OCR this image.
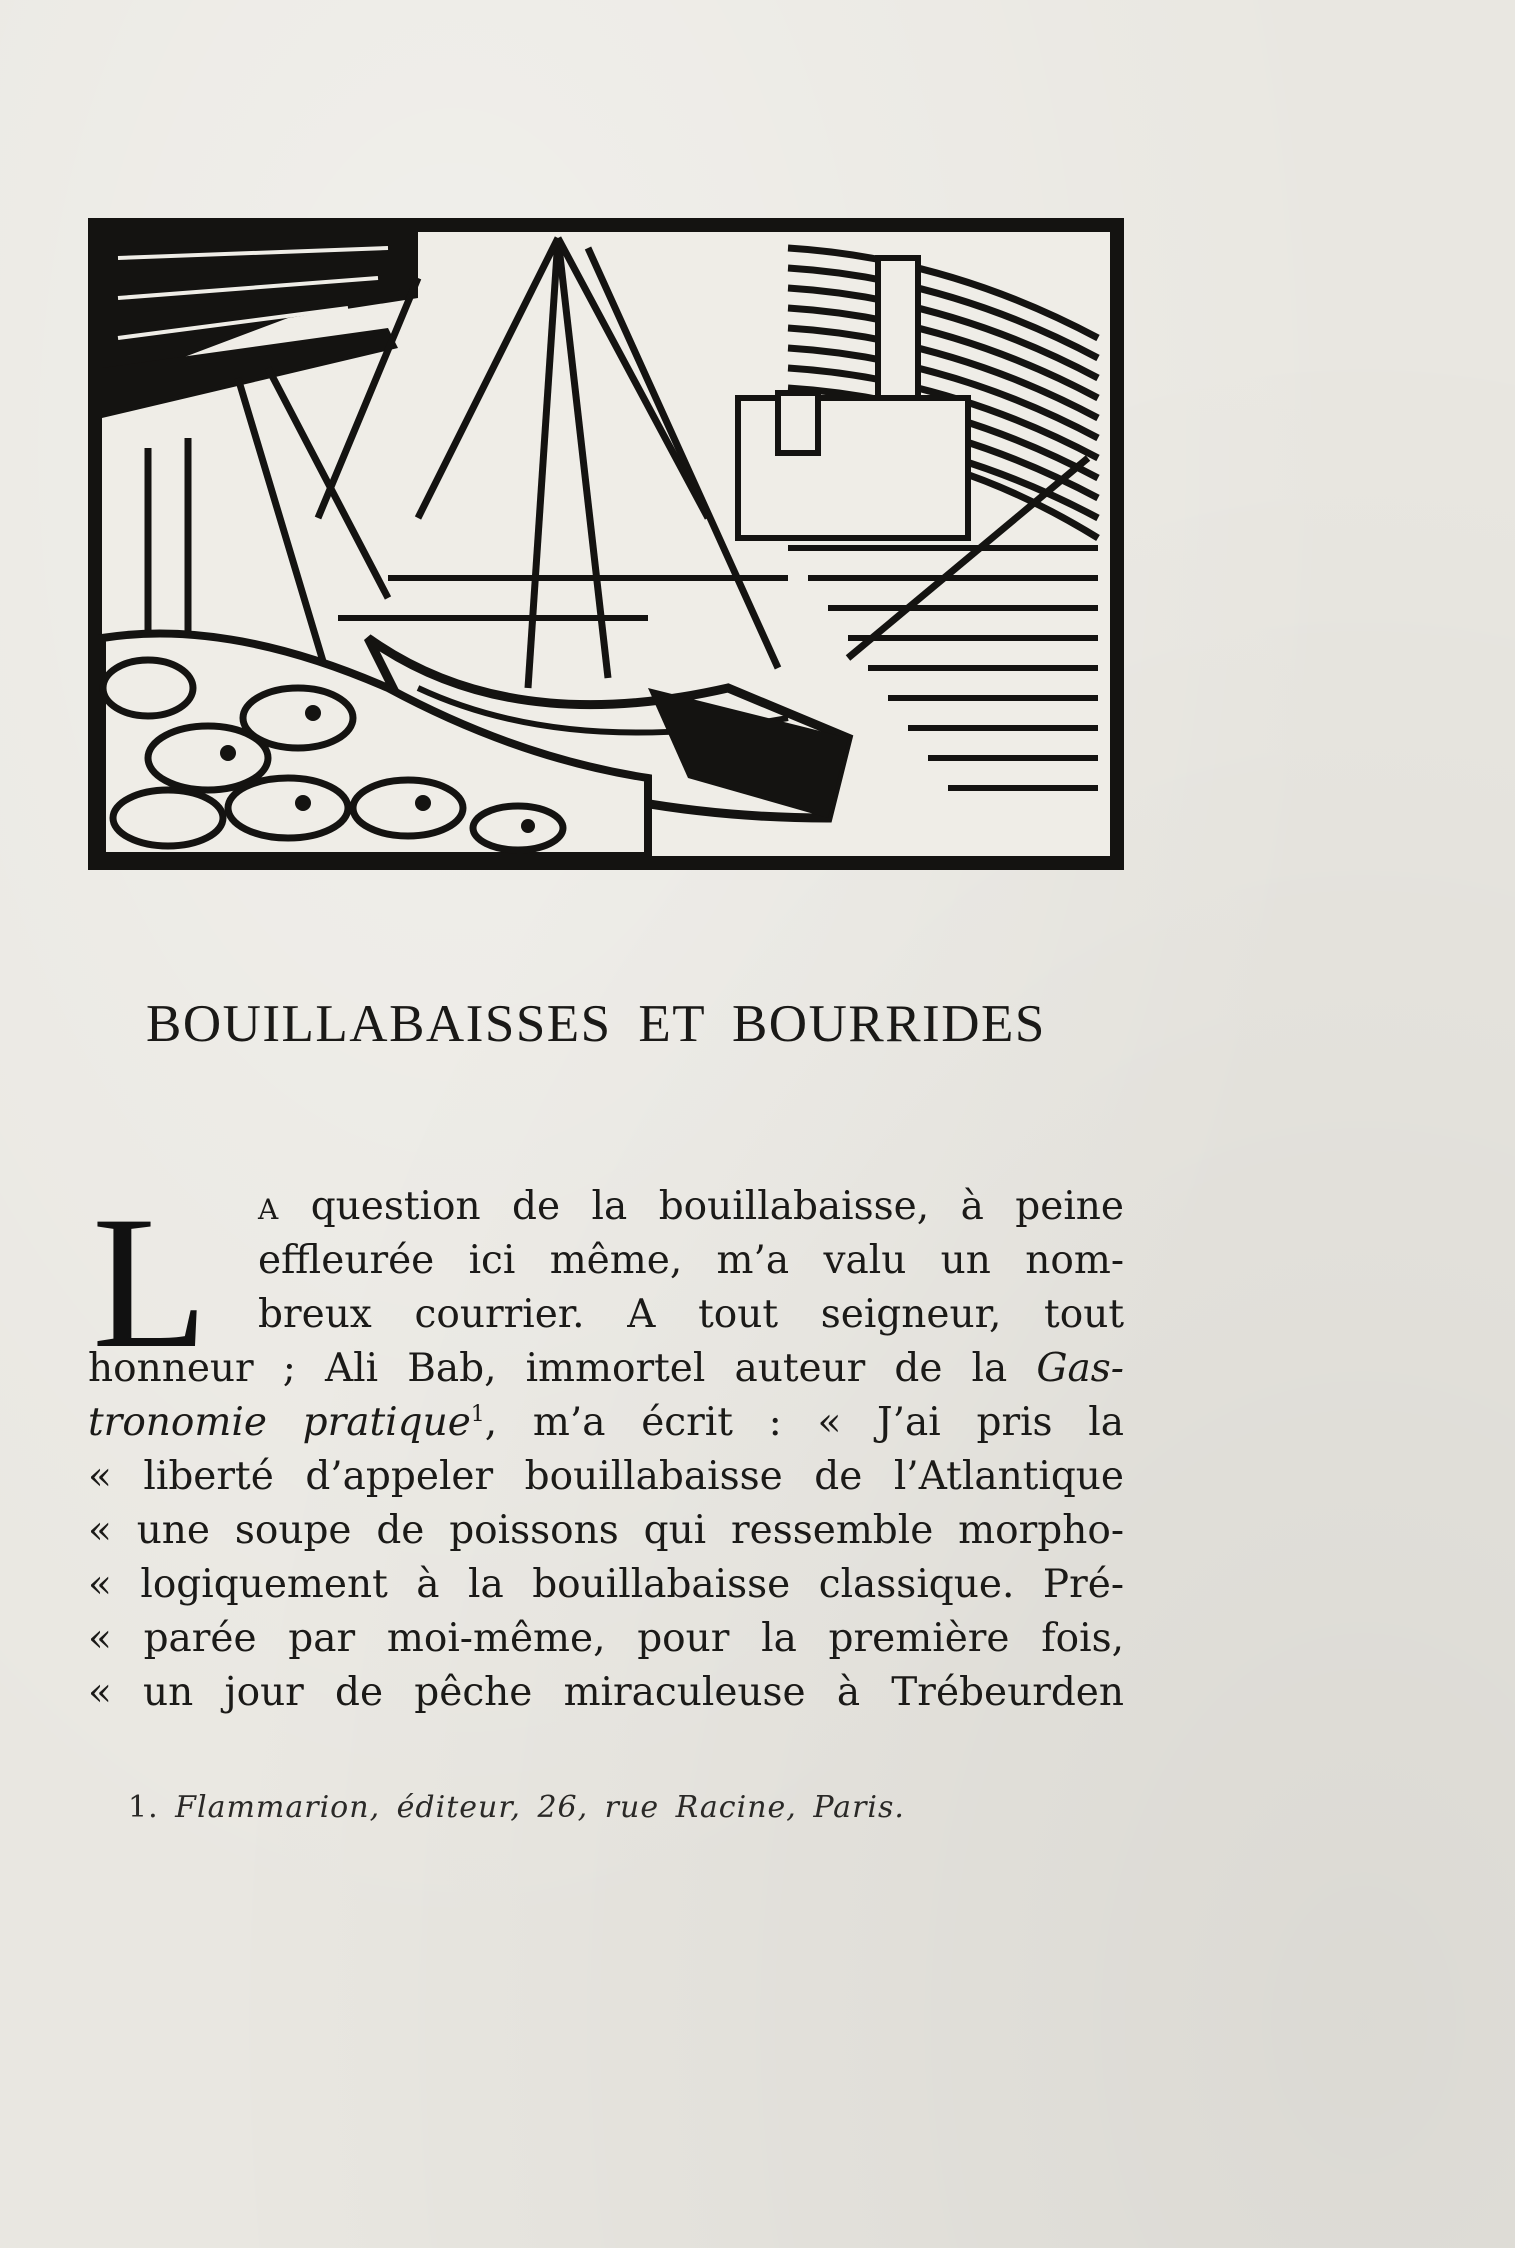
BOUILLABAISSES ET BOURRIDES
L	A question de la bouillabaisse, à peine
effleurée ici même, m’a valu un nom-
breux courrier. A tout seigneur, tout
honneur ; Ali Bab, immortel auteur de la Gas-
tronomie pratique$^1$, m’a écrit : « J’ai pris la
« liberté d’appeler bouillabaisse de l’Atlantique
« une soupe de poissons qui ressemble morpho-
« logiquement à la bouillabaisse classique. Pré-
« parée par moi-même, pour la première fois,
« un jour de pêche miraculeuse à Trébeurden
1. Flammarion, éditeur, 26, rue Racine, Paris.
